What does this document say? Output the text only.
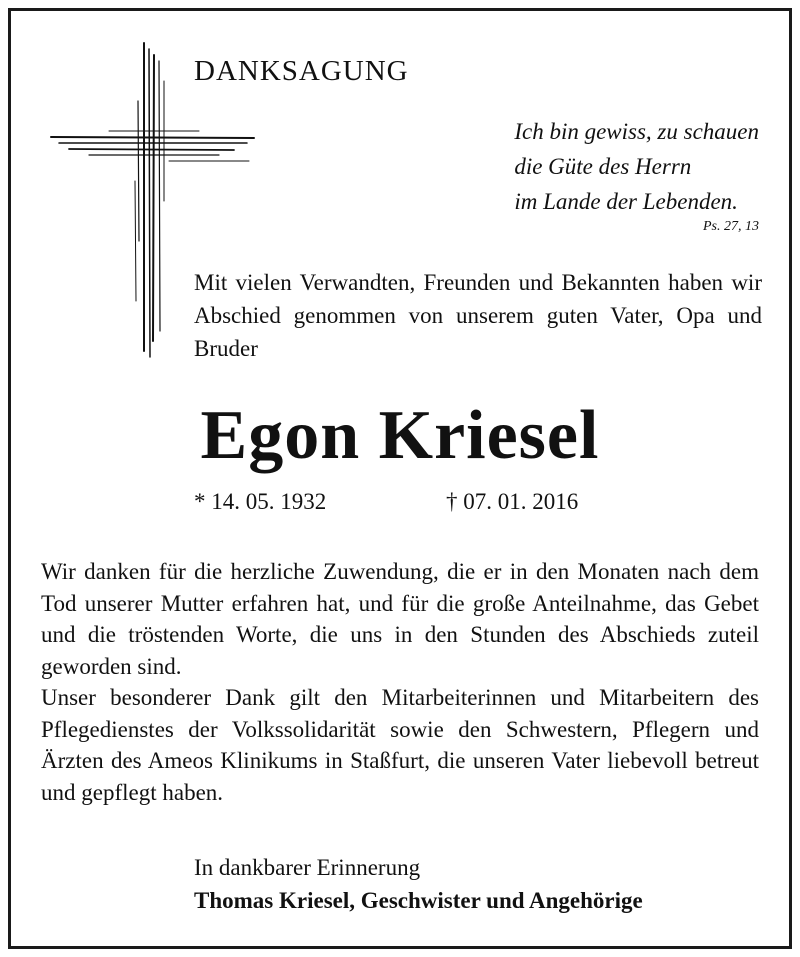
DANKSAGUNG
Ich bin gewiss, zu schauen
die Güte des Herrn
im Lande der Lebenden.
Ps. 27, 13

Mit vielen Verwandten, Freunden und Bekannten haben wir Abschied genommen von unserem guten Vater, Opa und Bruder

Egon Kriesel
* 14. 05. 1932	† 07. 01. 2016

Wir danken für die herzliche Zuwendung, die er in den Monaten nach dem Tod unserer Mutter erfahren hat, und für die große Anteilnahme, das Gebet und die tröstenden Worte, die uns in den Stunden des Abschieds zuteil geworden sind.

Unser besonderer Dank gilt den Mitarbeiterinnen und Mitarbeitern des Pflegedienstes der Volkssolidarität sowie den Schwestern, Pflegern und Ärzten des Ameos Klinikums in Staßfurt, die unseren Vater liebevoll betreut und gepflegt haben.

In dankbarer Erinnerung
Thomas Kriesel, Geschwister und Angehörige
